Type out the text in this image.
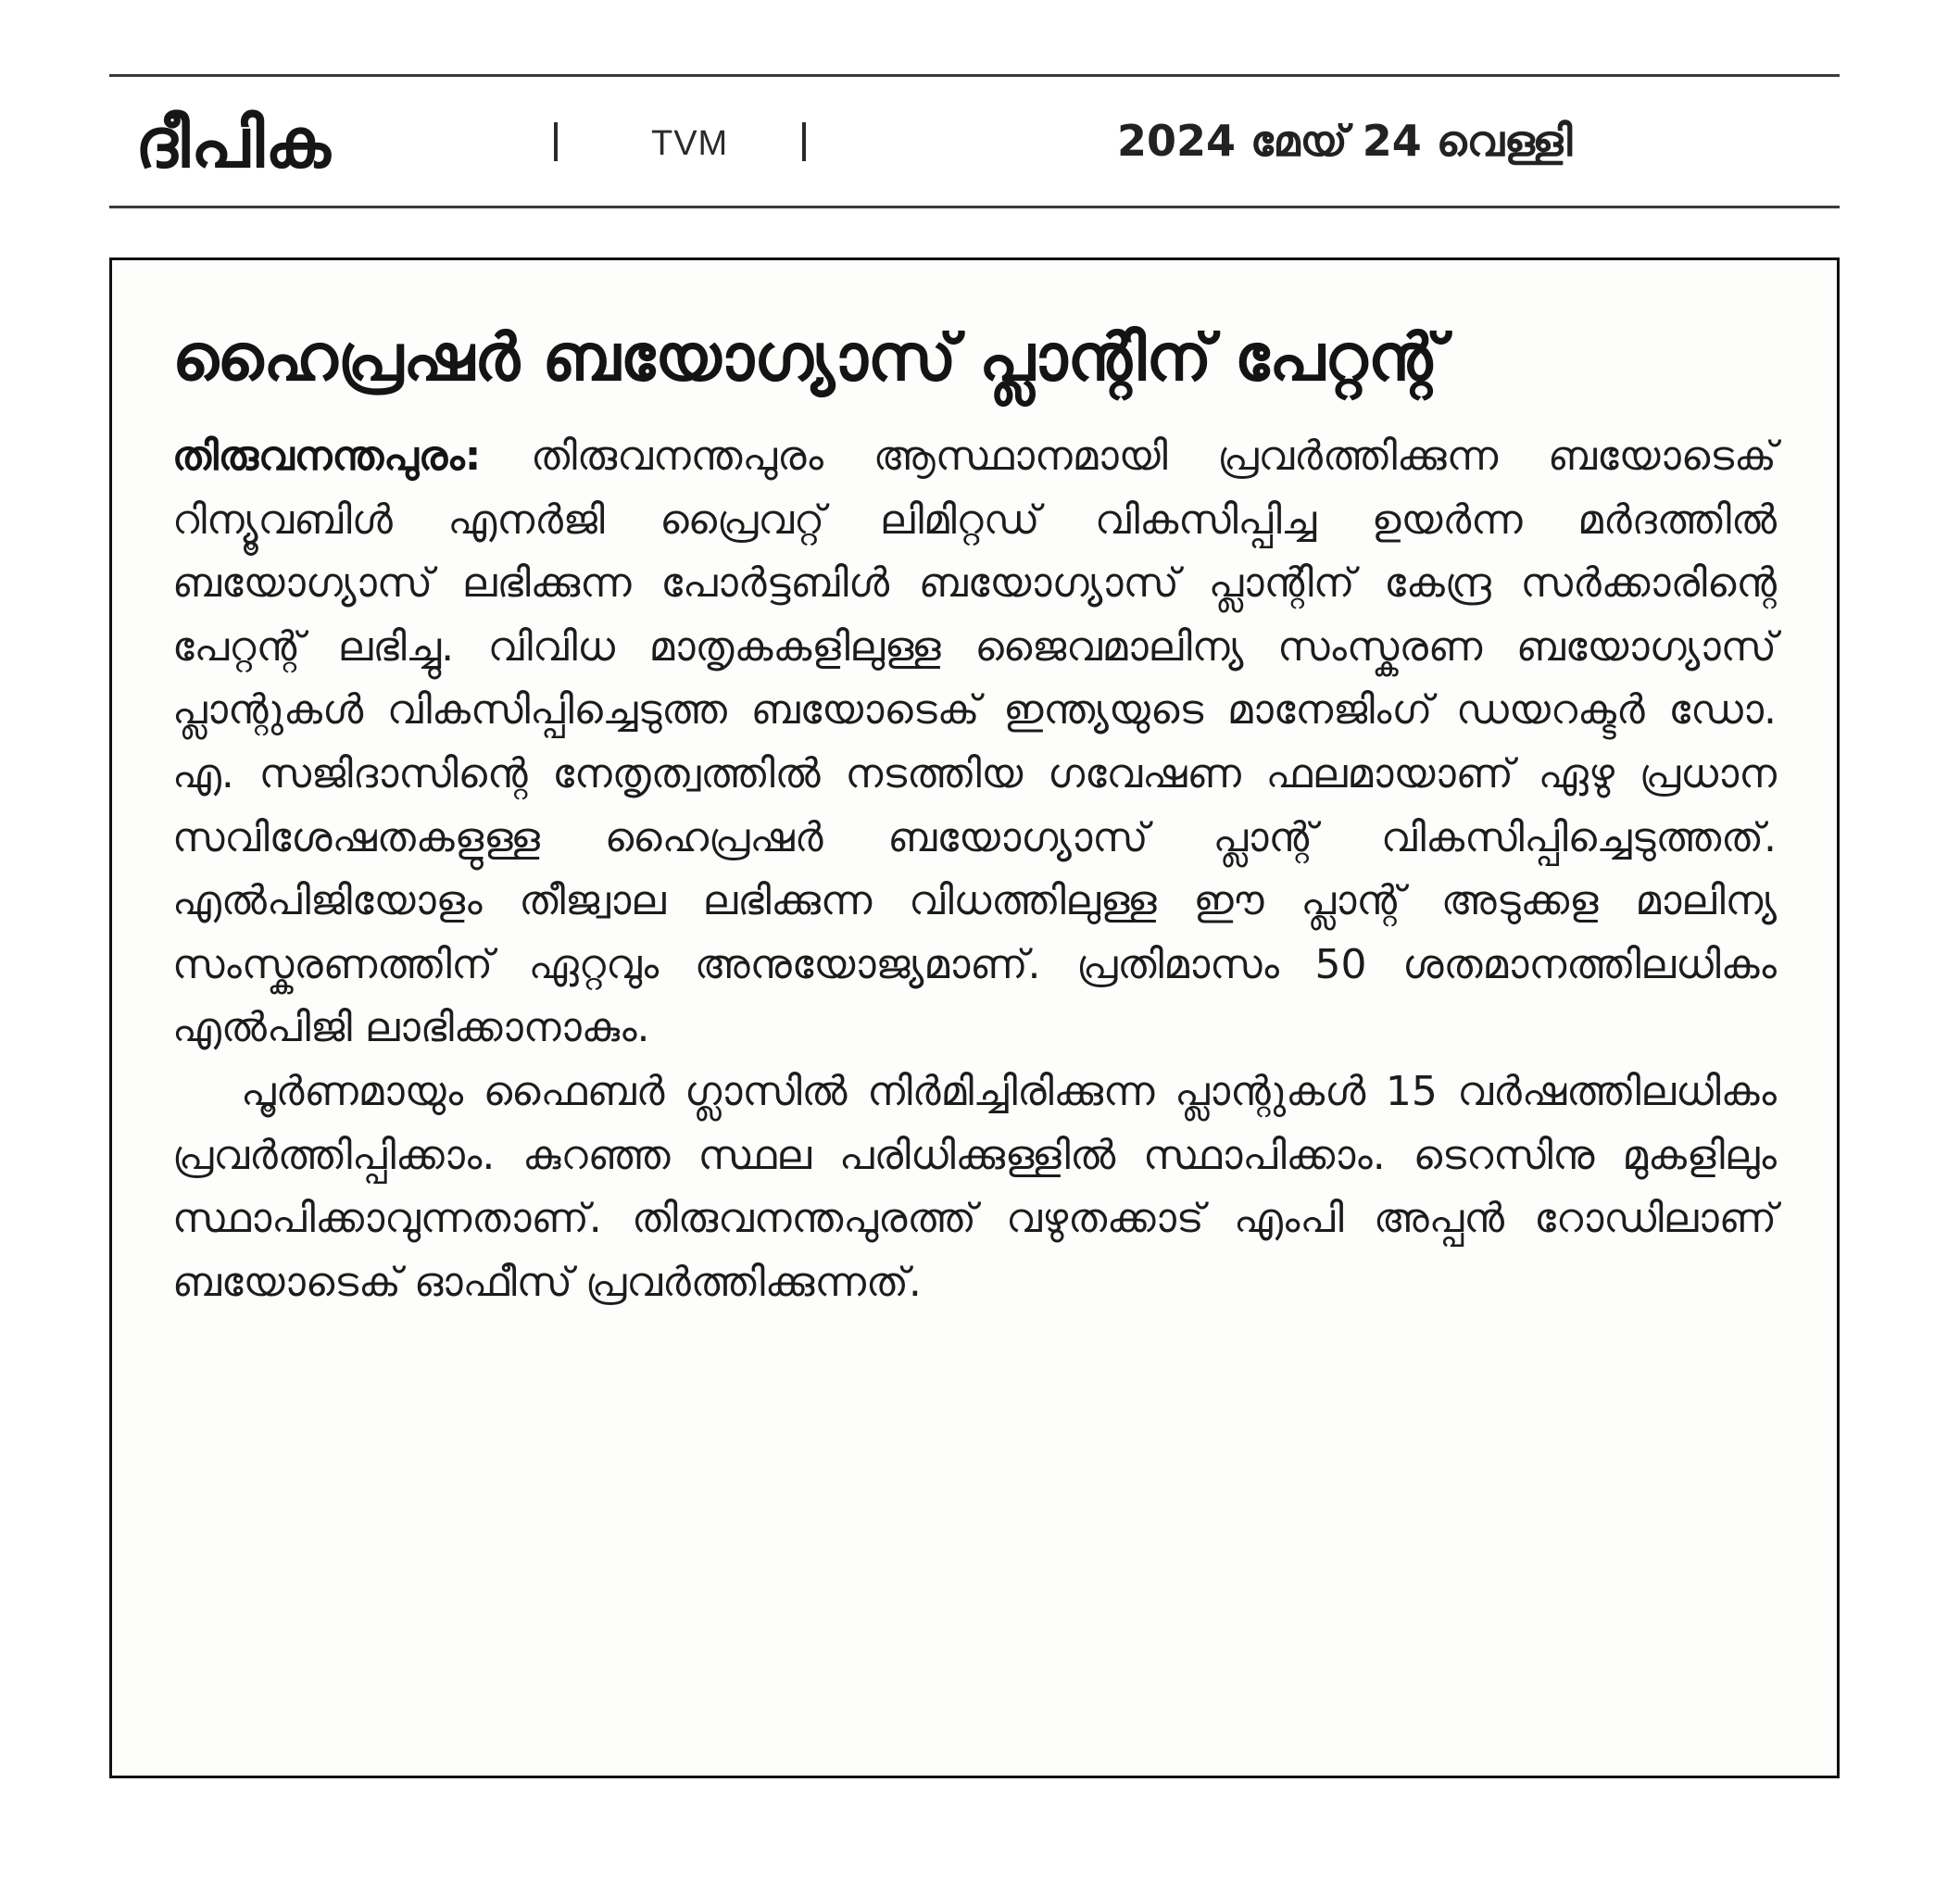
ദീപിക	TVM	2024 മേയ് 24 വെള്ളി
ഹൈപ്രഷർ ബയോഗ്യാസ് പ്ലാന്റിന് പേറ്റന്റ്

തിരുവനന്തപുരം: തിരുവനന്തപുരം ആസ്ഥാനമായി പ്രവർത്തിക്കുന്ന ബയോടെക് റിന്യൂവബിൾ എനർജി പ്രൈവറ്റ് ലിമിറ്റഡ് വികസിപ്പിച്ച ഉയർന്ന മർദത്തിൽ ബയോഗ്യാസ് ലഭിക്കുന്ന പോർട്ടബിൾ ബയോഗ്യാസ് പ്ലാന്റിന് കേന്ദ്ര സർക്കാരിന്റെ പേറ്റന്റ് ലഭിച്ചു. വിവിധ മാതൃകകളിലുള്ള ജൈവമാലിന്യ സംസ്കരണ ബയോഗ്യാസ് പ്ലാന്റുകൾ വികസിപ്പിച്ചെടുത്ത ബയോടെക് ഇന്ത്യയുടെ മാനേജിംഗ് ഡയറക്ടർ ഡോ. എ. സജിദാസിന്റെ നേതൃത്വത്തിൽ നടത്തിയ ഗവേഷണ ഫലമായാണ് ഏഴു പ്രധാന സവിശേഷതകളുള്ള ഹൈപ്രഷർ ബയോഗ്യാസ് പ്ലാന്റ് വികസിപ്പിച്ചെടുത്തത്. എൽപിജിയോളം തീജ്വാല ലഭിക്കുന്ന വിധത്തിലുള്ള ഈ പ്ലാന്റ് അടുക്കള മാലിന്യ സംസ്കരണത്തിന് ഏറ്റവും അനുയോജ്യമാണ്. പ്രതിമാസം 50 ശതമാനത്തിലധികം എൽപിജി ലാഭിക്കാനാകും.

പൂർണമായും ഫൈബർ ഗ്ലാസിൽ നിർമിച്ചിരിക്കുന്ന പ്ലാന്റുകൾ 15 വർഷത്തിലധികം പ്രവർത്തിപ്പിക്കാം. കുറഞ്ഞ സ്ഥല പരിധിക്കുള്ളിൽ സ്ഥാപിക്കാം. ടെറസിനു മുകളിലും സ്ഥാപിക്കാവുന്നതാണ്. തിരുവനന്തപുരത്ത് വഴുതക്കാട് എംപി അപ്പൻ റോഡിലാണ് ബയോടെക് ഓഫീസ് പ്രവർത്തിക്കുന്നത്.
